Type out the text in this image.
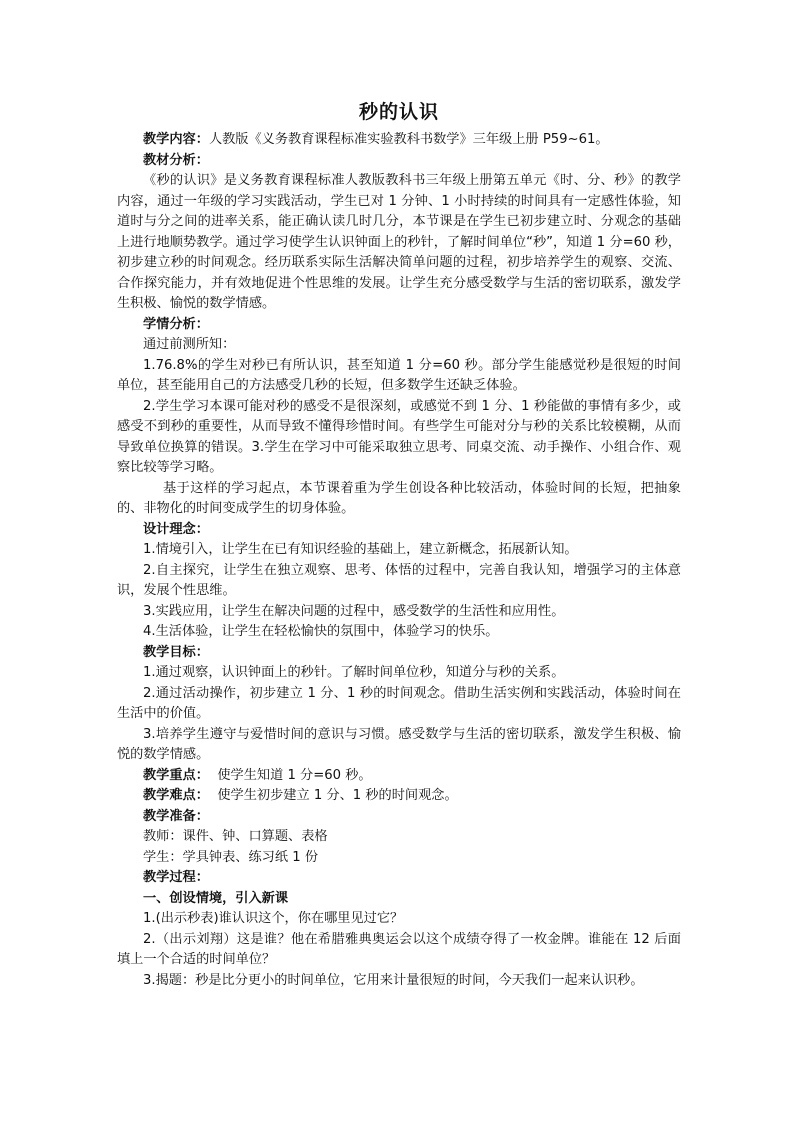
秒的认识

教学内容：人教版《义务教育课程标准实验教科书数学》三年级上册 P59~61。

教材分析：

《秒的认识》是义务教育课程标准人教版教科书三年级上册第五单元《时、分、秒》的教学内容，通过一年级的学习实践活动，学生已对 1 分钟、1 小时持续的时间具有一定感性体验，知道时与分之间的进率关系，能正确认读几时几分，本节课是在学生已初步建立时、分观念的基础上进行地顺势教学。通过学习使学生认识钟面上的秒针，了解时间单位“秒”，知道 1 分=60 秒，初步建立秒的时间观念。经历联系实际生活解决简单问题的过程，初步培养学生的观察、交流、合作探究能力，并有效地促进个性思维的发展。让学生充分感受数学与生活的密切联系，激发学生积极、愉悦的数学情感。

学情分析：

通过前测所知：

1.76.8%的学生对秒已有所认识，甚至知道 1 分=60 秒。部分学生能感觉秒是很短的时间单位，甚至能用自己的方法感受几秒的长短，但多数学生还缺乏体验。

2.学生学习本课可能对秒的感受不是很深刻，或感觉不到 1 分、1 秒能做的事情有多少，或感受不到秒的重要性，从而导致不懂得珍惜时间。有些学生可能对分与秒的关系比较模糊，从而导致单位换算的错误。3.学生在学习中可能采取独立思考、同桌交流、动手操作、小组合作、观察比较等学习略。

基于这样的学习起点，本节课着重为学生创设各种比较活动，体验时间的长短，把抽象的、非物化的时间变成学生的切身体验。

设计理念：

1.情境引入，让学生在已有知识经验的基础上，建立新概念，拓展新认知。

2.自主探究，让学生在独立观察、思考、体悟的过程中，完善自我认知，增强学习的主体意识，发展个性思维。

3.实践应用，让学生在解决问题的过程中，感受数学的生活性和应用性。

4.生活体验，让学生在轻松愉快的氛围中，体验学习的快乐。

教学目标：

1.通过观察，认识钟面上的秒针。了解时间单位秒，知道分与秒的关系。

2.通过活动操作，初步建立 1 分、1 秒的时间观念。借助生活实例和实践活动，体验时间在生活中的价值。

3.培养学生遵守与爱惜时间的意识与习惯。感受数学与生活的密切联系，激发学生积极、愉悦的数学情感。

教学重点： 使学生知道 1 分=60 秒。

教学难点： 使学生初步建立 1 分、1 秒的时间观念。

教学准备：

教师：课件、钟、口算题、表格

学生：学具钟表、练习纸 1 份

教学过程：

一、创设情境，引入新课

1.(出示秒表)谁认识这个，你在哪里见过它？

2.（出示刘翔）这是谁？他在希腊雅典奥运会以这个成绩夺得了一枚金牌。谁能在 12 后面填上一个合适的时间单位？

3.揭题：秒是比分更小的时间单位，它用来计量很短的时间，今天我们一起来认识秒。
